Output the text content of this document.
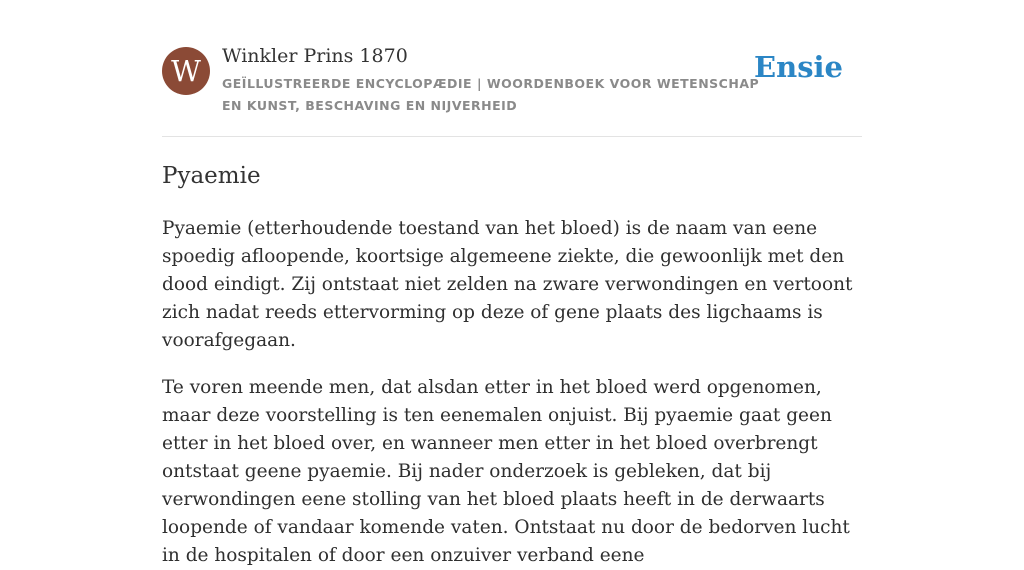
W	Winkler Prins 1870
GEÏLLUSTREERDE ENCYCLOPÆDIE | WOORDENBOEK VOOR WETENSCHAP EN KUNST, BESCHAVING EN NIJVERHEID
Ensie
Pyaemie

Pyaemie (etterhoudende toestand van het bloed) is de naam van eene spoedig afloopende, koortsige algemeene ziekte, die gewoonlijk met den dood eindigt. Zij ontstaat niet zelden na zware verwondingen en vertoont zich nadat reeds ettervorming op deze of gene plaats des ligchaams is voorafgegaan.

Te voren meende men, dat alsdan etter in het bloed werd opgenomen, maar deze voorstelling is ten eenemalen onjuist. Bij pyaemie gaat geen etter in het bloed over, en wanneer men etter in het bloed overbrengt ontstaat geene pyaemie. Bij nader onderzoek is gebleken, dat bij verwondingen eene stolling van het bloed plaats heeft in de derwaarts loopende of vandaar komende vaten. Ontstaat nu door de bedorven lucht in de hospitalen of door een onzuiver verband eene
